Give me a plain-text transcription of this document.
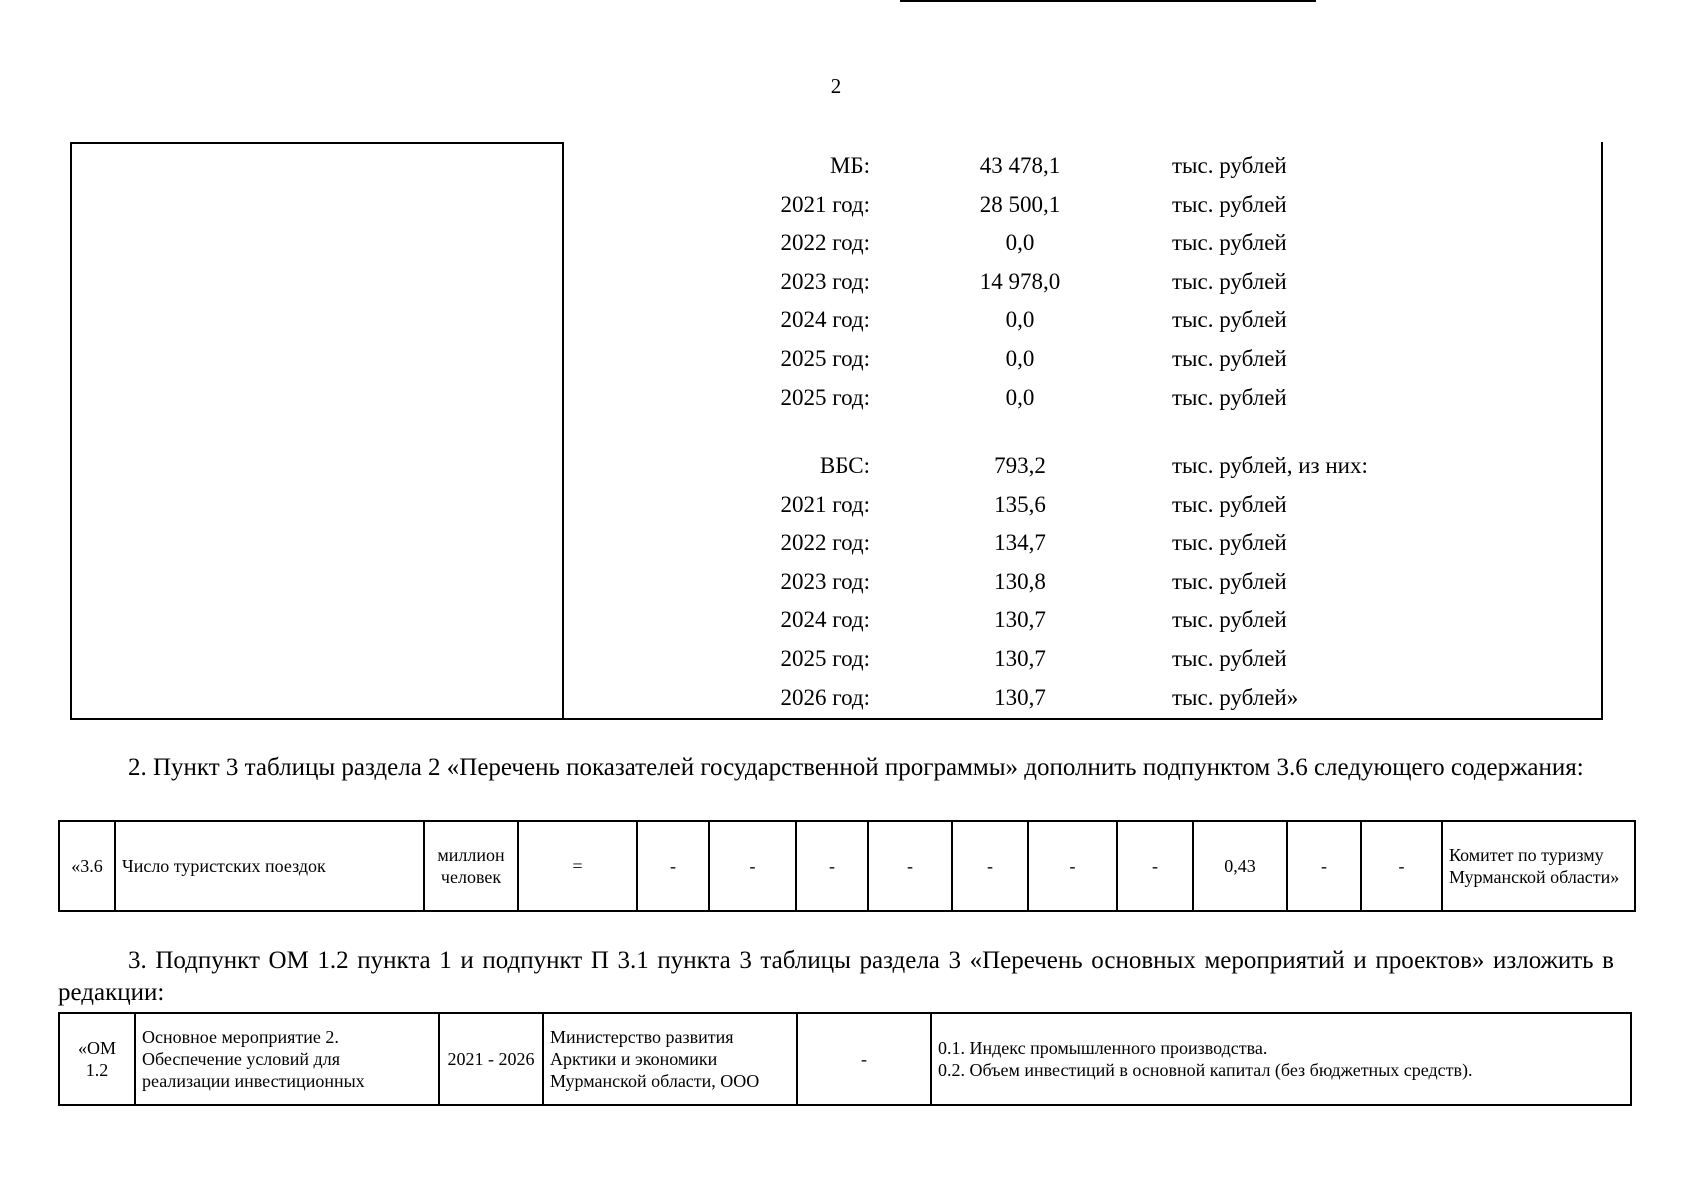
2
МБ:	43 478,1	тыс. рублей
2021 год:	28 500,1	тыс. рублей
2022 год:	0,0	тыс. рублей
2023 год:	14 978,0	тыс. рублей
2024 год:	0,0	тыс. рублей
2025 год:	0,0	тыс. рублей
2025 год:	0,0	тыс. рублей
ВБС:	793,2	тыс. рублей, из них:
2021 год:	135,6	тыс. рублей
2022 год:	134,7	тыс. рублей
2023 год:	130,8	тыс. рублей
2024 год:	130,7	тыс. рублей
2025 год:	130,7	тыс. рублей
2026 год:	130,7	тыс. рублей»
2. Пункт 3 таблицы раздела 2 «Перечень показателей государственной программы» дополнить подпунктом 3.6 следующего содержания:
«3.6	Число туристских поездок	миллион человек	=	-	-	-	-	-	-	-	0,43	-	-	Комитет по туризму Мурманской области»
3. Подпункт ОМ 1.2 пункта 1 и подпункт П 3.1 пункта 3 таблицы раздела 3 «Перечень основных мероприятий и проектов» изложить в редакции:
«ОМ 1.2	Основное мероприятие 2. Обеспечение условий для реализации инвестиционных	2021 - 2026	Министерство развития Арктики и экономики Мурманской области, ООО	-	
0.1. Индекс промышленного производства.
0.2. Объем инвестиций в основной капитал (без бюджетных средств).
